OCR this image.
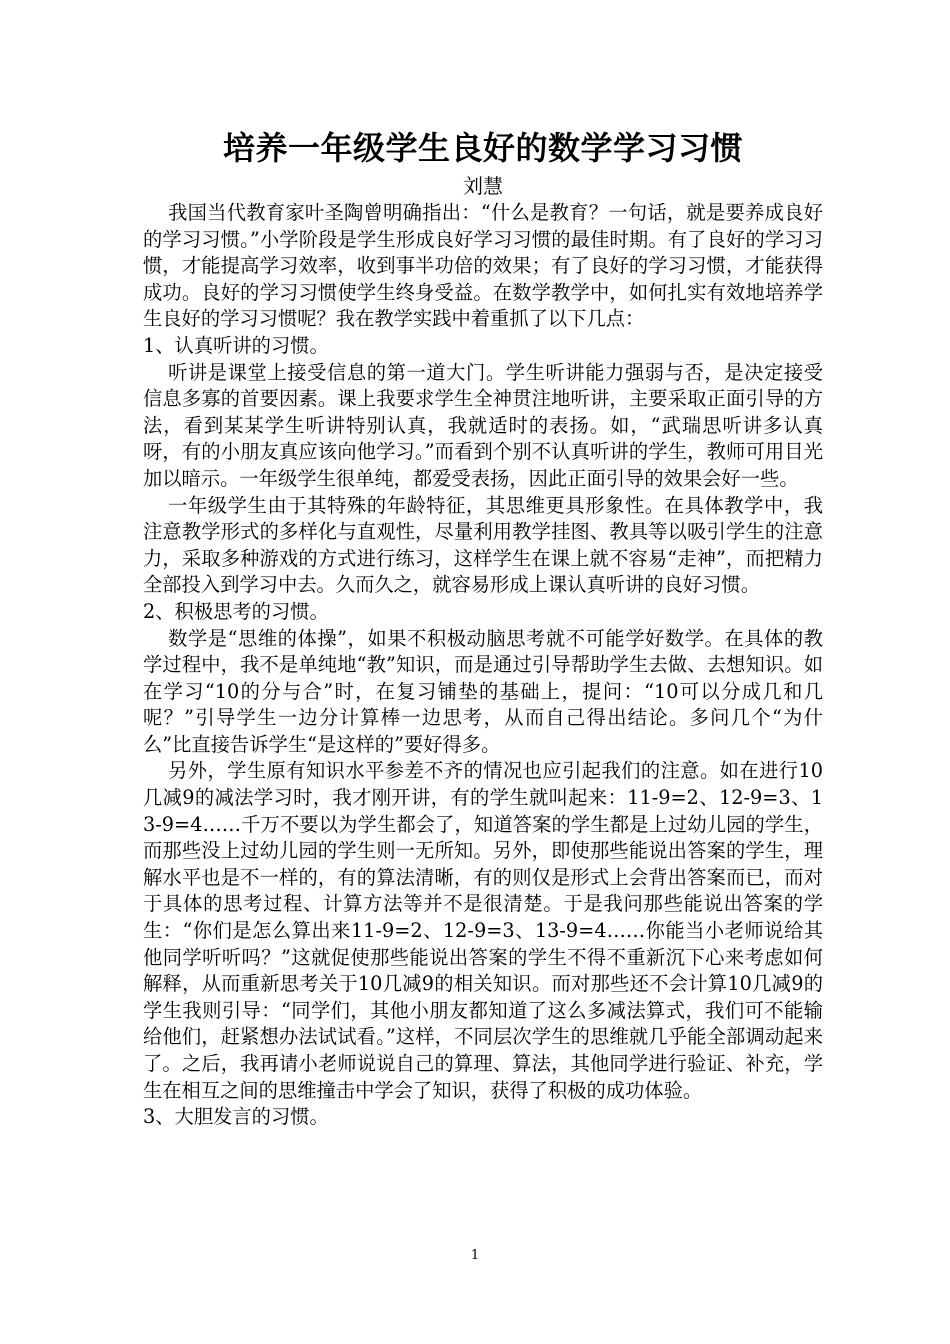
培养一年级学生良好的数学学习习惯

刘慧

我国当代教育家叶圣陶曾明确指出：“什么是教育？一句话，就是要养成良好的学习习惯。”小学阶段是学生形成良好学习习惯的最佳时期。有了良好的学习习惯，才能提高学习效率，收到事半功倍的效果；有了良好的学习习惯，才能获得成功。良好的学习习惯使学生终身受益。在数学教学中，如何扎实有效地培养学生良好的学习习惯呢？我在教学实践中着重抓了以下几点：

1、认真听讲的习惯。

听讲是课堂上接受信息的第一道大门。学生听讲能力强弱与否，是决定接受信息多寡的首要因素。课上我要求学生全神贯注地听讲，主要采取正面引导的方法，看到某某学生听讲特别认真，我就适时的表扬。如，“武瑞思听讲多认真呀，有的小朋友真应该向他学习。”而看到个别不认真听讲的学生，教师可用目光加以暗示。一年级学生很单纯，都爱受表扬，因此正面引导的效果会好一些。

一年级学生由于其特殊的年龄特征，其思维更具形象性。在具体教学中，我注意教学形式的多样化与直观性，尽量利用教学挂图、教具等以吸引学生的注意力，采取多种游戏的方式进行练习，这样学生在课上就不容易“走神”，而把精力全部投入到学习中去。久而久之，就容易形成上课认真听讲的良好习惯。

2、积极思考的习惯。

数学是“思维的体操”，如果不积极动脑思考就不可能学好数学。在具体的教学过程中，我不是单纯地“教”知识，而是通过引导帮助学生去做、去想知识。如在学习“10的分与合”时，在复习铺垫的基础上，提问：“10可以分成几和几呢？”引导学生一边分计算棒一边思考，从而自己得出结论。多问几个“为什么”比直接告诉学生“是这样的”要好得多。

另外，学生原有知识水平参差不齐的情况也应引起我们的注意。如在进行10几减9的减法学习时，我才刚开讲，有的学生就叫起来：11-9=2、12-9=3、13-9=4……千万不要以为学生都会了，知道答案的学生都是上过幼儿园的学生，而那些没上过幼儿园的学生则一无所知。另外，即使那些能说出答案的学生，理解水平也是不一样的，有的算法清晰，有的则仅是形式上会背出答案而已，而对于具体的思考过程、计算方法等并不是很清楚。于是我问那些能说出答案的学生：“你们是怎么算出来11-9=2、12-9=3、13-9=4……你能当小老师说给其他同学听听吗？”这就促使那些能说出答案的学生不得不重新沉下心来考虑如何解释，从而重新思考关于10几减9的相关知识。而对那些还不会计算10几减9的学生我则引导：“同学们，其他小朋友都知道了这么多减法算式，我们可不能输给他们，赶紧想办法试试看。”这样，不同层次学生的思维就几乎能全部调动起来了。之后，我再请小老师说说自己的算理、算法，其他同学进行验证、补充，学生在相互之间的思维撞击中学会了知识，获得了积极的成功体验。

3、大胆发言的习惯。

1
